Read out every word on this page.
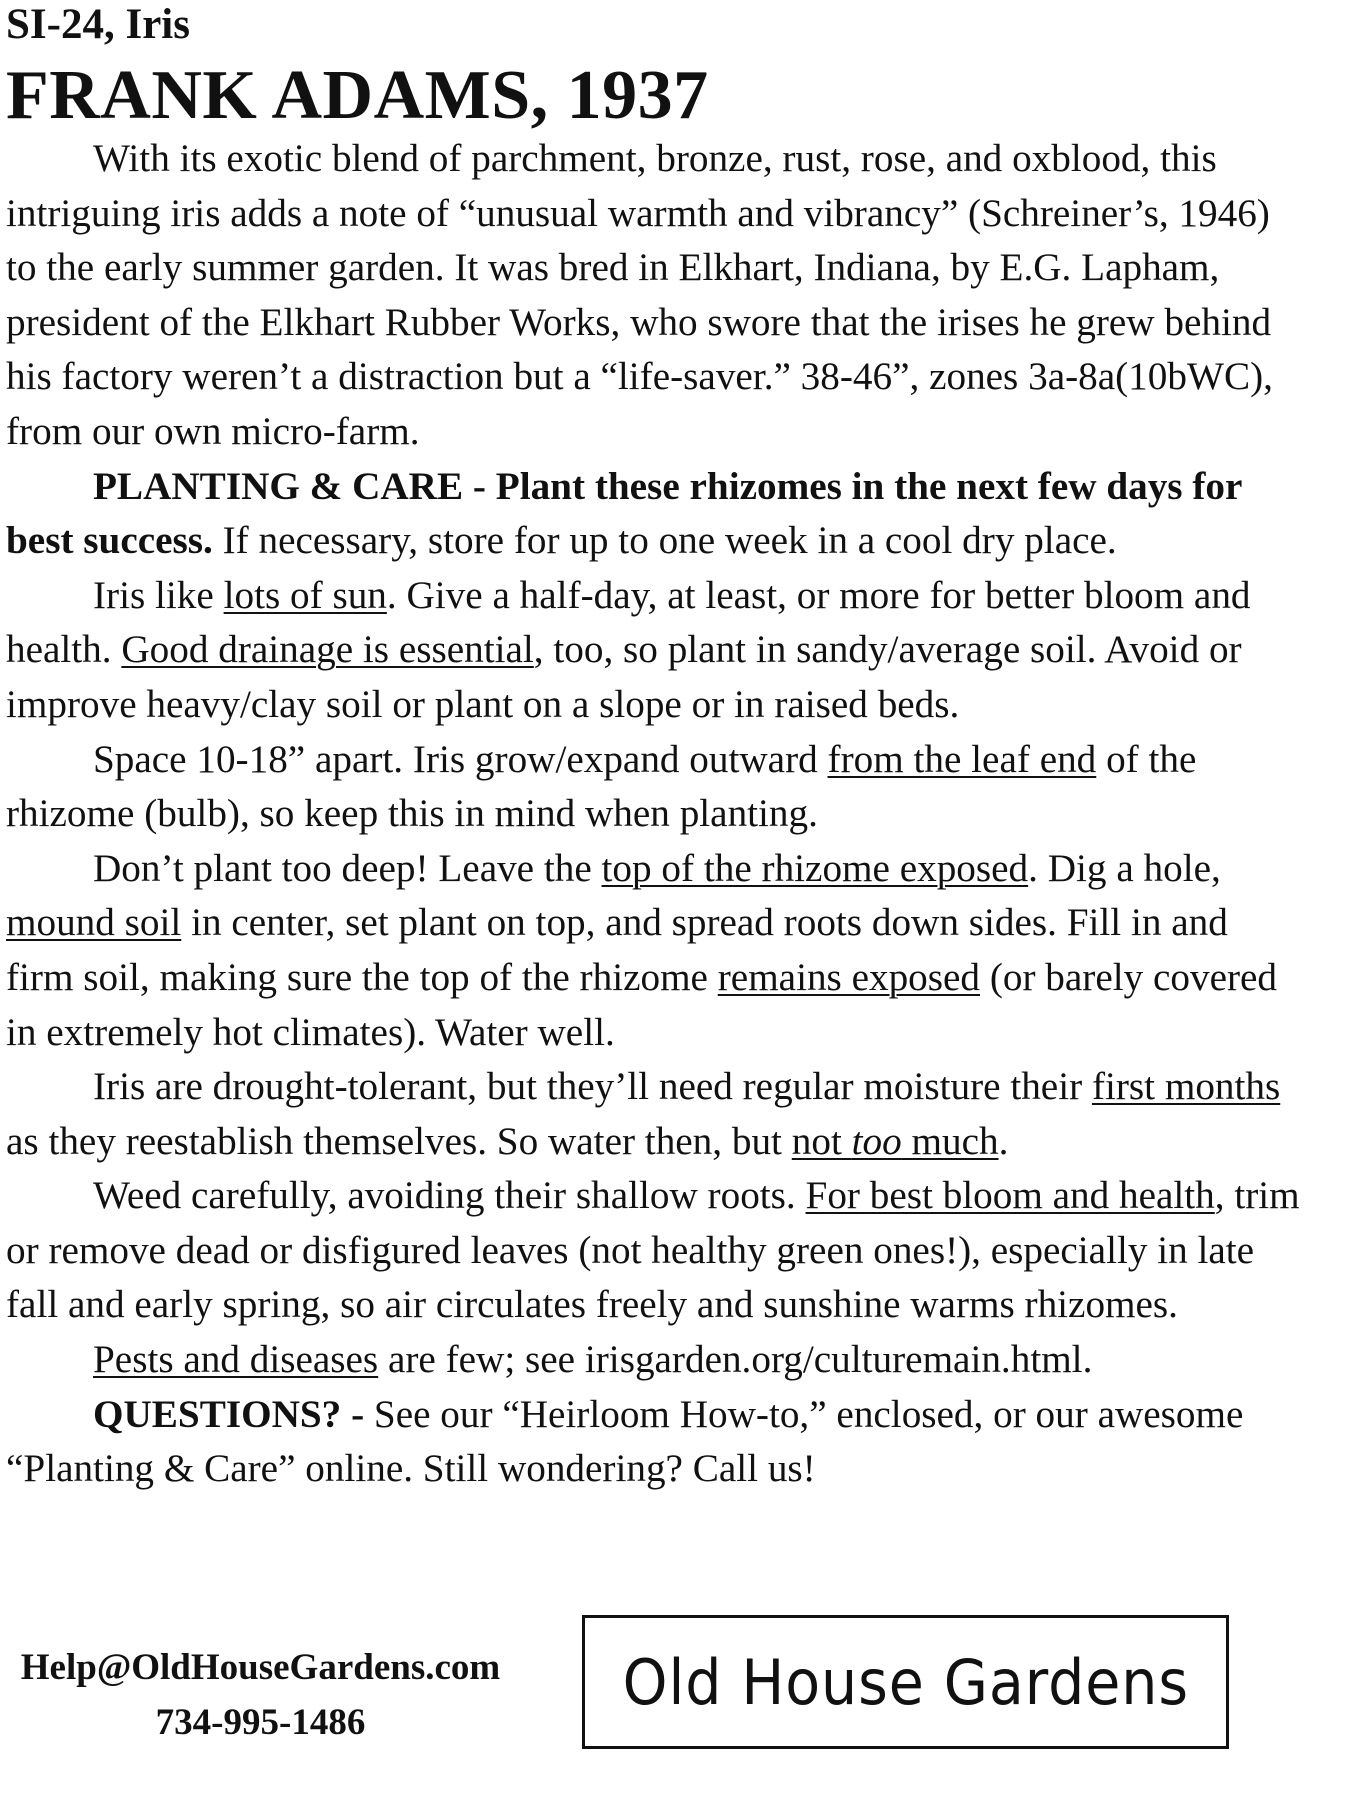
SI-24, Iris
FRANK ADAMS, 1937

With its exotic blend of parchment, bronze, rust, rose, and oxblood, this intriguing iris adds a note of “unusual warmth and vibrancy” (Schreiner’s, 1946) to the early summer garden. It was bred in Elkhart, Indiana, by E.G. Lapham, president of the Elkhart Rubber Works, who swore that the irises he grew behind his factory weren’t a distraction but a “life-saver.” 38-46”, zones 3a-8a(10bWC), from our own micro-farm.

PLANTING & CARE - Plant these rhizomes in the next few days for best success. If necessary, store for up to one week in a cool dry place.

Iris like lots of sun. Give a half-day, at least, or more for better bloom and health. Good drainage is essential, too, so plant in sandy/average soil. Avoid or improve heavy/clay soil or plant on a slope or in raised beds.

Space 10-18” apart. Iris grow/expand outward from the leaf end of the rhizome (bulb), so keep this in mind when planting.

Don’t plant too deep! Leave the top of the rhizome exposed. Dig a hole, mound soil in center, set plant on top, and spread roots down sides. Fill in and firm soil, making sure the top of the rhizome remains exposed (or barely covered in extremely hot climates). Water well.

Iris are drought-tolerant, but they’ll need regular moisture their first months as they reestablish themselves. So water then, but not too much.

Weed carefully, avoiding their shallow roots. For best bloom and health, trim or remove dead or disfigured leaves (not healthy green ones!), especially in late fall and early spring, so air circulates freely and sunshine warms rhizomes.

Pests and diseases are few; see irisgarden.org/culturemain.html.

QUESTIONS? - See our “Heirloom How-to,” enclosed, or our awesome “Planting & Care” online. Still wondering? Call us!

Help@OldHouseGardens.com
734-995-1486
Old House Gardens
